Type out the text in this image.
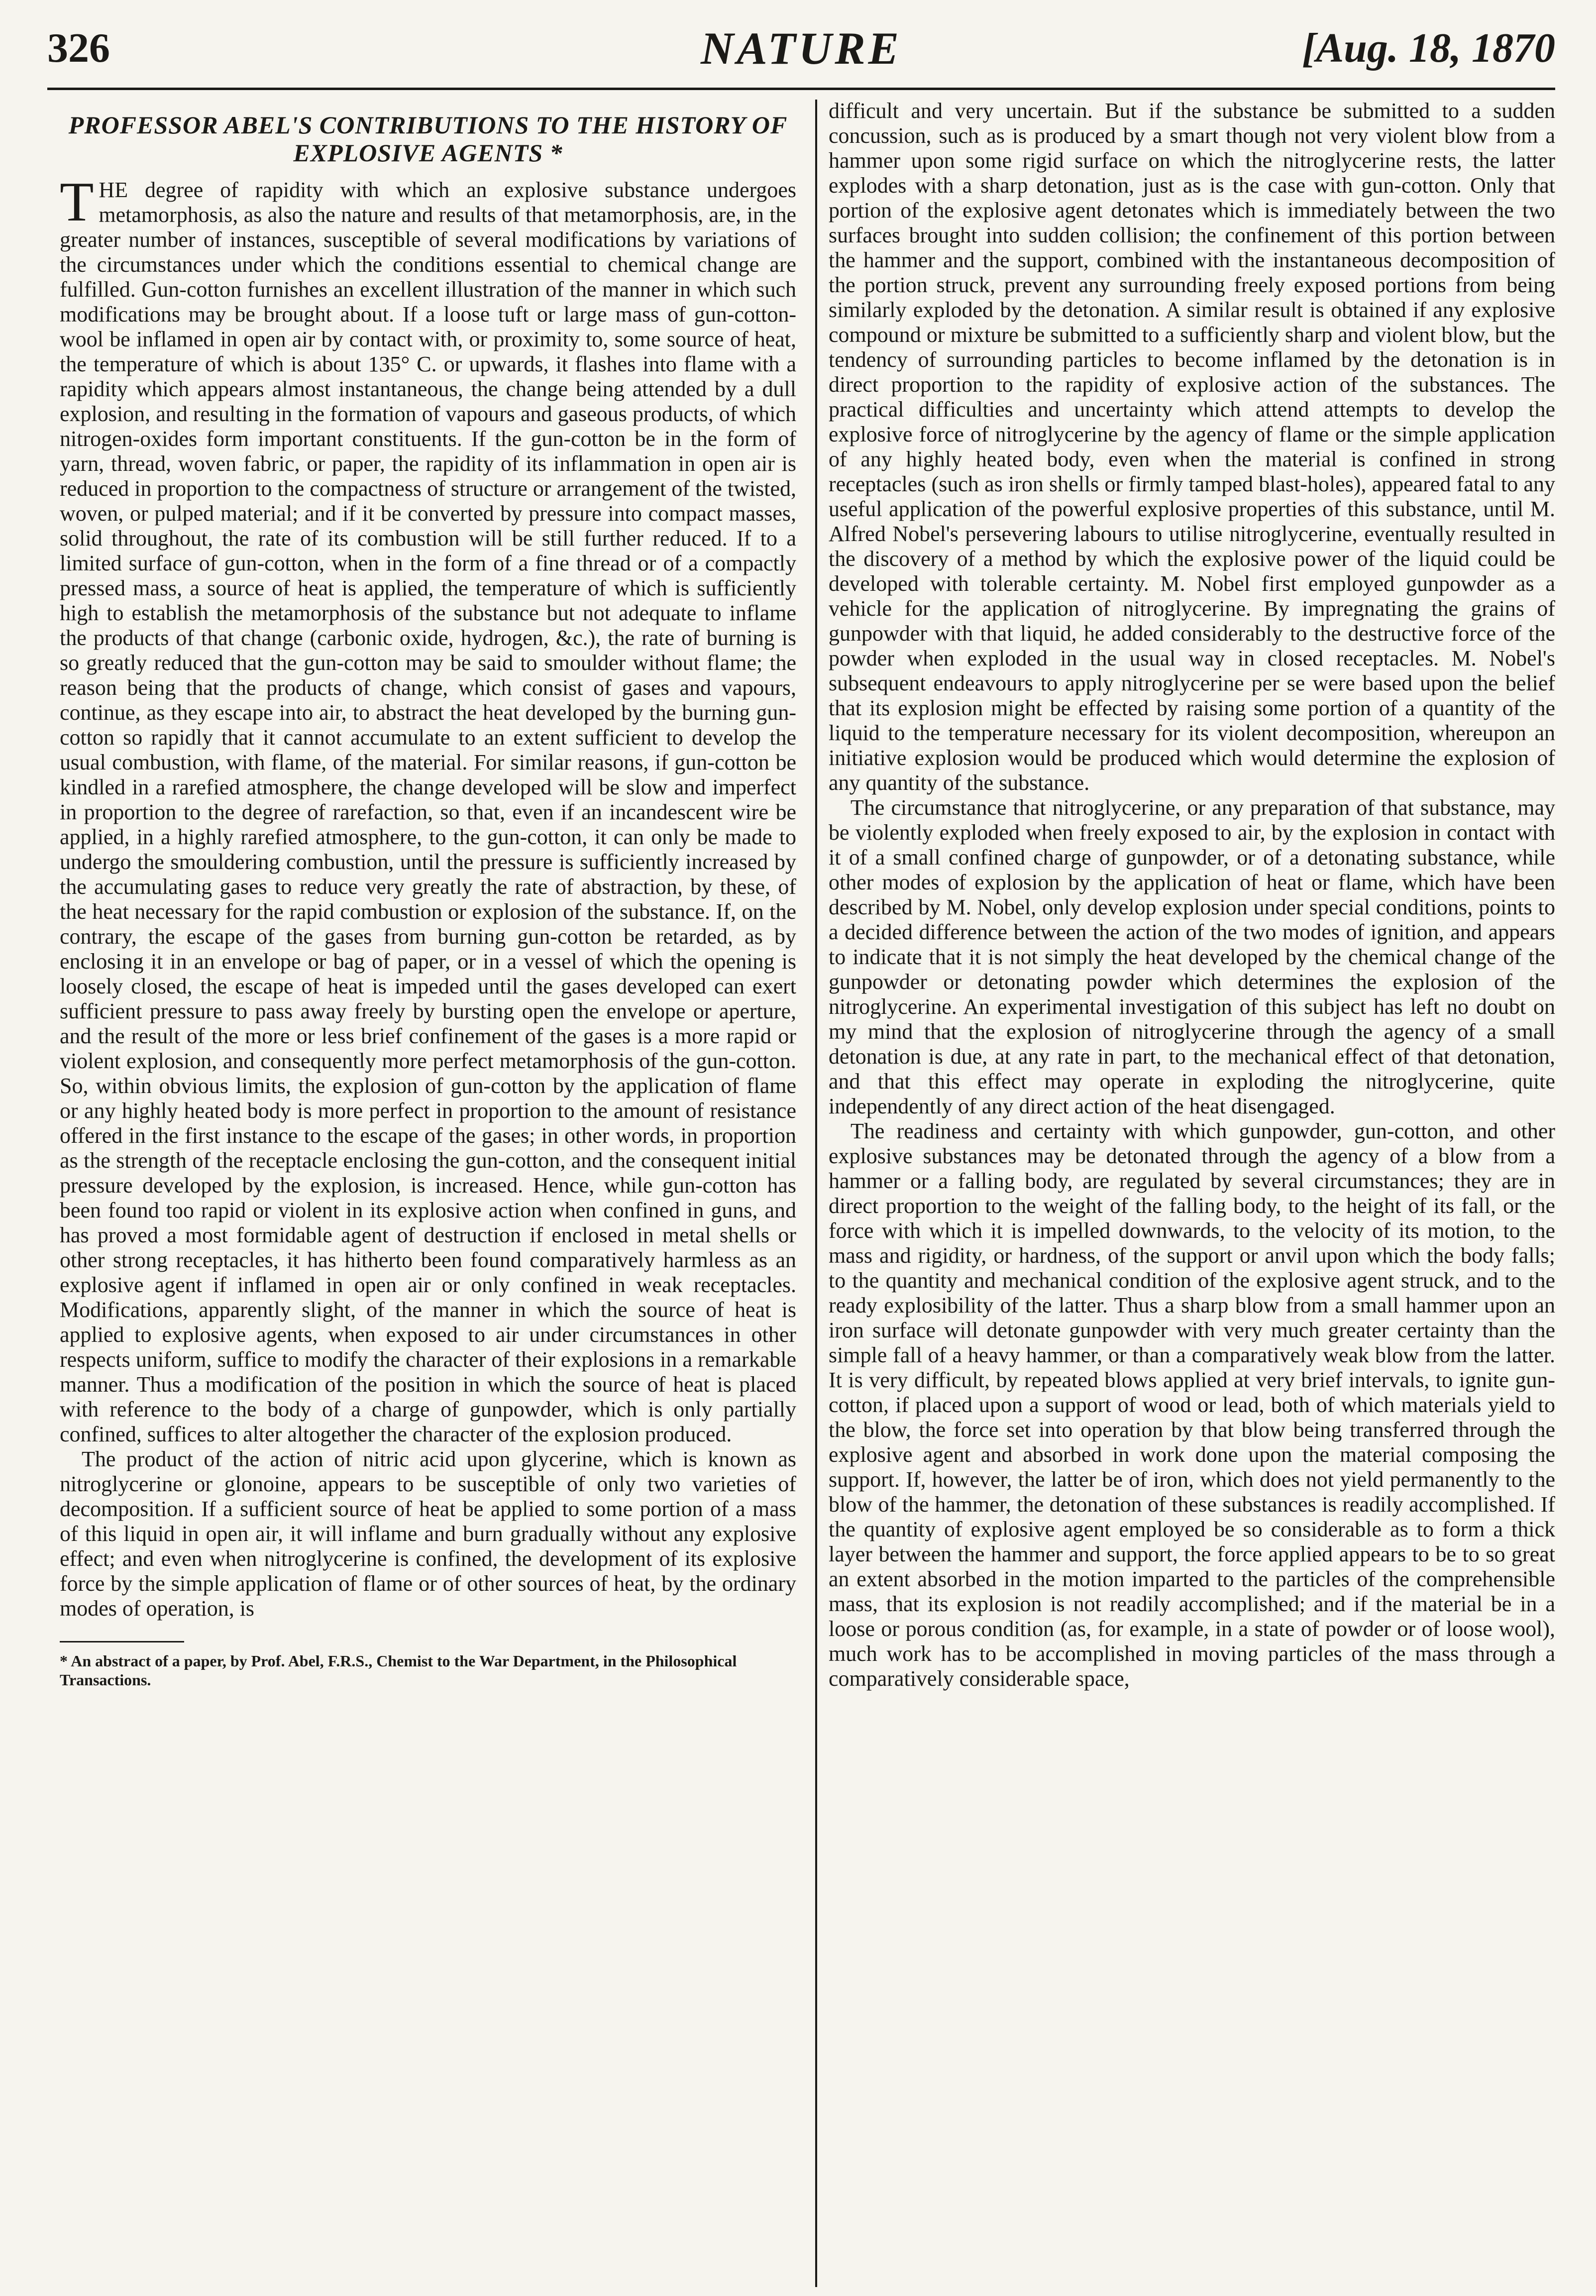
326	NATURE	[Aug. 18, 1870
PROFESSOR ABEL'S CONTRIBUTIONS TO THE HISTORY OF EXPLOSIVE AGENTS *

THE degree of rapidity with which an explosive substance undergoes metamorphosis, as also the nature and results of that metamorphosis, are, in the greater number of instances, susceptible of several modifications by variations of the circumstances under which the conditions essential to chemical change are fulfilled. Gun-cotton furnishes an excellent illustration of the manner in which such modifications may be brought about. If a loose tuft or large mass of gun-cotton-wool be inflamed in open air by contact with, or proximity to, some source of heat, the temperature of which is about 135° C. or upwards, it flashes into flame with a rapidity which appears almost instantaneous, the change being attended by a dull explosion, and resulting in the formation of vapours and gaseous products, of which nitrogen-oxides form important constituents. If the gun-cotton be in the form of yarn, thread, woven fabric, or paper, the rapidity of its inflammation in open air is reduced in proportion to the compactness of structure or arrangement of the twisted, woven, or pulped material; and if it be converted by pressure into compact masses, solid throughout, the rate of its combustion will be still further reduced. If to a limited surface of gun-cotton, when in the form of a fine thread or of a compactly pressed mass, a source of heat is applied, the temperature of which is sufficiently high to establish the metamorphosis of the substance but not adequate to inflame the products of that change (carbonic oxide, hydrogen, &c.), the rate of burning is so greatly reduced that the gun-cotton may be said to smoulder without flame; the reason being that the products of change, which consist of gases and vapours, continue, as they escape into air, to abstract the heat developed by the burning gun-cotton so rapidly that it cannot accumulate to an extent sufficient to develop the usual combustion, with flame, of the material. For similar reasons, if gun-cotton be kindled in a rarefied atmosphere, the change developed will be slow and imperfect in proportion to the degree of rarefaction, so that, even if an incandescent wire be applied, in a highly rarefied atmosphere, to the gun-cotton, it can only be made to undergo the smouldering combustion, until the pressure is sufficiently increased by the accumulating gases to reduce very greatly the rate of abstraction, by these, of the heat necessary for the rapid combustion or explosion of the substance. If, on the contrary, the escape of the gases from burning gun-cotton be retarded, as by enclosing it in an envelope or bag of paper, or in a vessel of which the opening is loosely closed, the escape of heat is impeded until the gases developed can exert sufficient pressure to pass away freely by bursting open the envelope or aperture, and the result of the more or less brief confinement of the gases is a more rapid or violent explosion, and consequently more perfect metamorphosis of the gun-cotton. So, within obvious limits, the explosion of gun-cotton by the application of flame or any highly heated body is more perfect in proportion to the amount of resistance offered in the first instance to the escape of the gases; in other words, in proportion as the strength of the receptacle enclosing the gun-cotton, and the consequent initial pressure developed by the explosion, is increased. Hence, while gun-cotton has been found too rapid or violent in its explosive action when confined in guns, and has proved a most formidable agent of destruction if enclosed in metal shells or other strong receptacles, it has hitherto been found comparatively harmless as an explosive agent if inflamed in open air or only confined in weak receptacles. Modifications, apparently slight, of the manner in which the source of heat is applied to explosive agents, when exposed to air under circumstances in other respects uniform, suffice to modify the character of their explosions in a remarkable manner. Thus a modification of the position in which the source of heat is placed with reference to the body of a charge of gunpowder, which is only partially confined, suffices to alter altogether the character of the explosion produced.

The product of the action of nitric acid upon glycerine, which is known as nitroglycerine or glonoine, appears to be susceptible of only two varieties of decomposition. If a sufficient source of heat be applied to some portion of a mass of this liquid in open air, it will inflame and burn gradually without any explosive effect; and even when nitroglycerine is confined, the development of its explosive force by the simple application of flame or of other sources of heat, by the ordinary modes of operation, is

* An abstract of a paper, by Prof. Abel, F.R.S., Chemist to the War Department, in the Philosophical Transactions.

difficult and very uncertain. But if the substance be submitted to a sudden concussion, such as is produced by a smart though not very violent blow from a hammer upon some rigid surface on which the nitroglycerine rests, the latter explodes with a sharp detonation, just as is the case with gun-cotton. Only that portion of the explosive agent detonates which is immediately between the two surfaces brought into sudden collision; the confinement of this portion between the hammer and the support, combined with the instantaneous decomposition of the portion struck, prevent any surrounding freely exposed portions from being similarly exploded by the detonation. A similar result is obtained if any explosive compound or mixture be submitted to a sufficiently sharp and violent blow, but the tendency of surrounding particles to become inflamed by the detonation is in direct proportion to the rapidity of explosive action of the substances. The practical difficulties and uncertainty which attend attempts to develop the explosive force of nitroglycerine by the agency of flame or the simple application of any highly heated body, even when the material is confined in strong receptacles (such as iron shells or firmly tamped blast-holes), appeared fatal to any useful application of the powerful explosive properties of this substance, until M. Alfred Nobel's persevering labours to utilise nitroglycerine, eventually resulted in the discovery of a method by which the explosive power of the liquid could be developed with tolerable certainty. M. Nobel first employed gunpowder as a vehicle for the application of nitroglycerine. By impregnating the grains of gunpowder with that liquid, he added considerably to the destructive force of the powder when exploded in the usual way in closed receptacles. M. Nobel's subsequent endeavours to apply nitroglycerine per se were based upon the belief that its explosion might be effected by raising some portion of a quantity of the liquid to the temperature necessary for its violent decomposition, whereupon an initiative explosion would be produced which would determine the explosion of any quantity of the substance.

The circumstance that nitroglycerine, or any preparation of that substance, may be violently exploded when freely exposed to air, by the explosion in contact with it of a small confined charge of gunpowder, or of a detonating substance, while other modes of explosion by the application of heat or flame, which have been described by M. Nobel, only develop explosion under special conditions, points to a decided difference between the action of the two modes of ignition, and appears to indicate that it is not simply the heat developed by the chemical change of the gunpowder or detonating powder which determines the explosion of the nitroglycerine. An experimental investigation of this subject has left no doubt on my mind that the explosion of nitroglycerine through the agency of a small detonation is due, at any rate in part, to the mechanical effect of that detonation, and that this effect may operate in exploding the nitroglycerine, quite independently of any direct action of the heat disengaged.

The readiness and certainty with which gunpowder, gun-cotton, and other explosive substances may be detonated through the agency of a blow from a hammer or a falling body, are regulated by several circumstances; they are in direct proportion to the weight of the falling body, to the height of its fall, or the force with which it is impelled downwards, to the velocity of its motion, to the mass and rigidity, or hardness, of the support or anvil upon which the body falls; to the quantity and mechanical condition of the explosive agent struck, and to the ready explosibility of the latter. Thus a sharp blow from a small hammer upon an iron surface will detonate gunpowder with very much greater certainty than the simple fall of a heavy hammer, or than a comparatively weak blow from the latter. It is very difficult, by repeated blows applied at very brief intervals, to ignite gun-cotton, if placed upon a support of wood or lead, both of which materials yield to the blow, the force set into operation by that blow being transferred through the explosive agent and absorbed in work done upon the material composing the support. If, however, the latter be of iron, which does not yield permanently to the blow of the hammer, the detonation of these substances is readily accomplished. If the quantity of explosive agent employed be so considerable as to form a thick layer between the hammer and support, the force applied appears to be to so great an extent absorbed in the motion imparted to the particles of the comprehensible mass, that its explosion is not readily accomplished; and if the material be in a loose or porous condition (as, for example, in a state of powder or of loose wool), much work has to be accomplished in moving particles of the mass through a comparatively considerable space,
